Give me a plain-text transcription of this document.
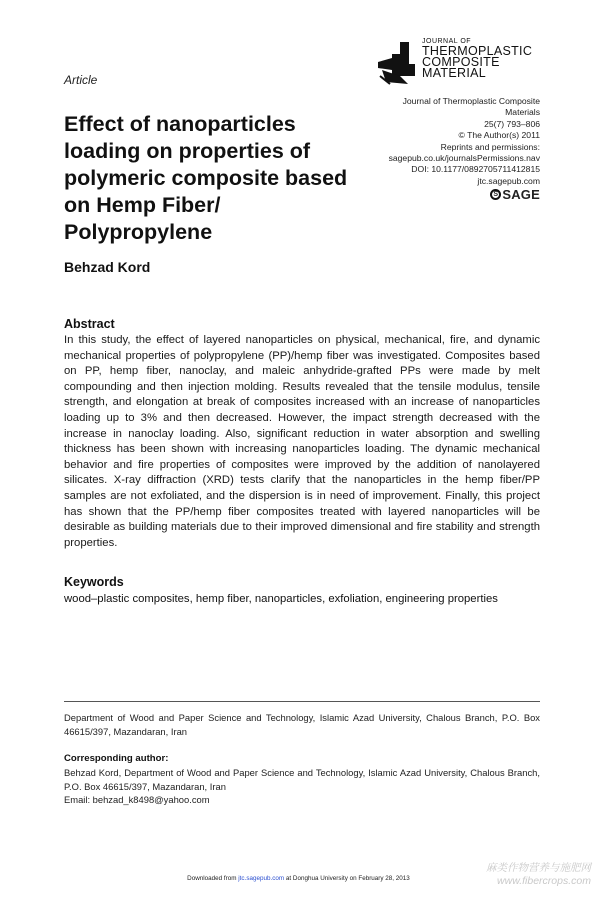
Article
JOURNAL OF
THERMOPLASTIC
COMPOSITE
MATERIAL
Journal of Thermoplastic Composite
Materials
25(7) 793–806
© The Author(s) 2011
Reprints and permissions:
sagepub.co.uk/journalsPermissions.nav
DOI: 10.1177/0892705711412815
jtc.sagepub.com
S SAGE
Effect of nanoparticles loading on properties of polymeric composite based on Hemp Fiber/ Polypropylene
Behzad Kord
Abstract
In this study, the effect of layered nanoparticles on physical, mechanical, fire, and dynamic mechanical properties of polypropylene (PP)/hemp fiber was investigated. Composites based on PP, hemp fiber, nanoclay, and maleic anhydride-grafted PPs were made by melt compounding and then injection molding. Results revealed that the tensile modulus, tensile strength, and elongation at break of composites increased with an increase of nanoparticles loading up to 3% and then decreased. However, the impact strength decreased with the increase in nanoclay loading. Also, significant reduction in water absorption and swelling thickness has been shown with increasing nanoparticles loading. The dynamic mechanical behavior and fire properties of composites were improved by the addition of nanolayered silicates. X-ray diffraction (XRD) tests clarify that the nanoparticles in the hemp fiber/PP samples are not exfoliated, and the dispersion is in need of improvement. Finally, this project has shown that the PP/hemp fiber composites treated with layered nanoparticles will be desirable as building materials due to their improved dimensional and fire stability and strength properties.
Keywords
wood–plastic composites, hemp fiber, nanoparticles, exfoliation, engineering properties
Department of Wood and Paper Science and Technology, Islamic Azad University, Chalous Branch, P.O. Box 46615/397, Mazandaran, Iran
Corresponding author:
Behzad Kord, Department of Wood and Paper Science and Technology, Islamic Azad University, Chalous Branch, P.O. Box 46615/397, Mazandaran, Iran
Email: behzad_k8498@yahoo.com
Downloaded from jtc.sagepub.com at Donghua University on February 28, 2013
麻类作物营养与施肥网
www.fibercrops.com
